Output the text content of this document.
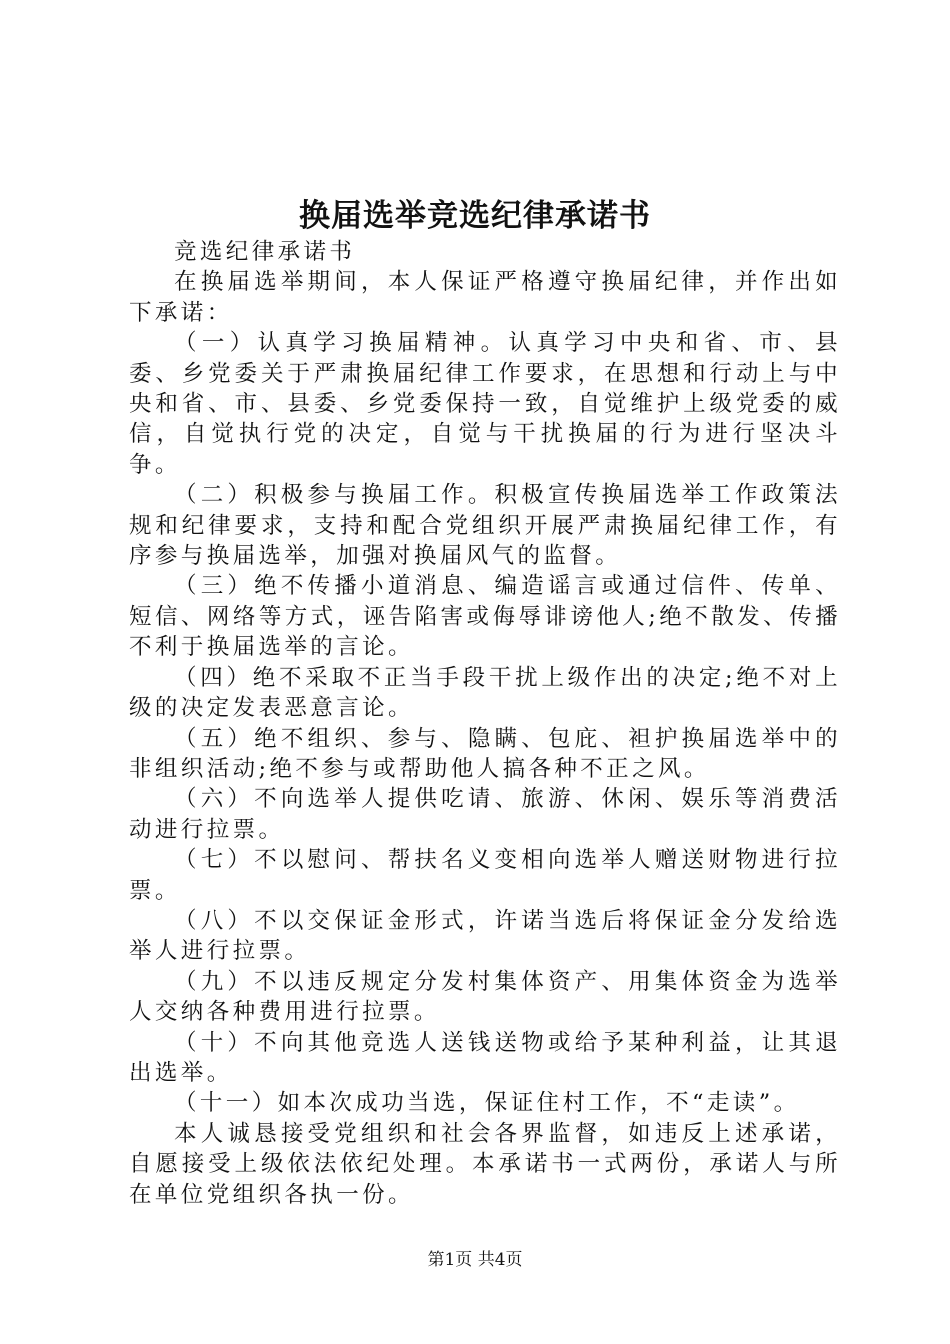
换届选举竞选纪律承诺书

竞选纪律承诺书

在换届选举期间，本人保证严格遵守换届纪律，并作出如下承诺：

（一）认真学习换届精神。认真学习中央和省、市、县委、乡党委关于严肃换届纪律工作要求，在思想和行动上与中央和省、市、县委、乡党委保持一致，自觉维护上级党委的威信，自觉执行党的决定，自觉与干扰换届的行为进行坚决斗争。

（二）积极参与换届工作。积极宣传换届选举工作政策法规和纪律要求，支持和配合党组织开展严肃换届纪律工作，有序参与换届选举，加强对换届风气的监督。

（三）绝不传播小道消息、编造谣言或通过信件、传单、短信、网络等方式，诬告陷害或侮辱诽谤他人;绝不散发、传播不利于换届选举的言论。

（四）绝不采取不正当手段干扰上级作出的决定;绝不对上级的决定发表恶意言论。

（五）绝不组织、参与、隐瞒、包庇、袒护换届选举中的非组织活动;绝不参与或帮助他人搞各种不正之风。

（六）不向选举人提供吃请、旅游、休闲、娱乐等消费活动进行拉票。

（七）不以慰问、帮扶名义变相向选举人赠送财物进行拉票。

（八）不以交保证金形式，许诺当选后将保证金分发给选举人进行拉票。

（九）不以违反规定分发村集体资产、用集体资金为选举人交纳各种费用进行拉票。

（十）不向其他竞选人送钱送物或给予某种利益，让其退出选举。

（十一）如本次成功当选，保证住村工作，不“走读”。

本人诚恳接受党组织和社会各界监督，如违反上述承诺，自愿接受上级依法依纪处理。本承诺书一式两份，承诺人与所在单位党组织各执一份。

第1页 共4页
